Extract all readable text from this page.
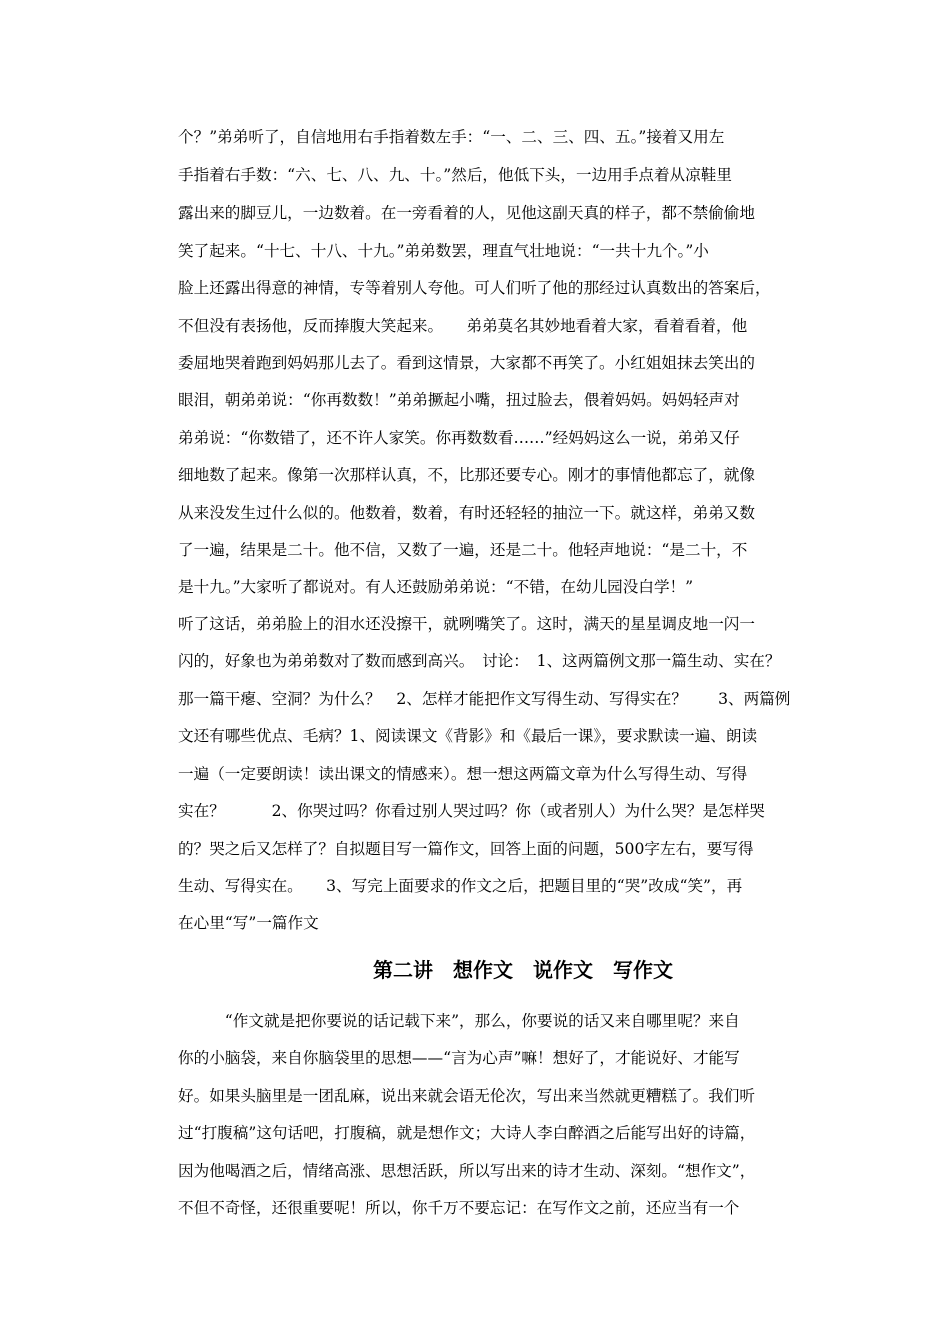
个？”弟弟听了，自信地用右手指着数左手：“一、二、三、四、五。”接着又用左
手指着右手数：“六、七、八、九、十。”然后，他低下头，一边用手点着从凉鞋里
露出来的脚豆儿，一边数着。在一旁看着的人，见他这副天真的样子，都不禁偷偷地
笑了起来。“十七、十八、十九。”弟弟数罢，理直气壮地说：“一共十九个。”小
脸上还露出得意的神情，专等着别人夸他。可人们听了他的那经过认真数出的答案后，
不但没有表扬他，反而捧腹大笑起来。　　弟弟莫名其妙地看着大家，看着看着，他
委屈地哭着跑到妈妈那儿去了。看到这情景，大家都不再笑了。小红姐姐抹去笑出的
眼泪，朝弟弟说：“你再数数！”弟弟撅起小嘴，扭过脸去，偎着妈妈。妈妈轻声对
弟弟说：“你数错了，还不许人家笑。你再数数看……”经妈妈这么一说，弟弟又仔
细地数了起来。像第一次那样认真，不，比那还要专心。刚才的事情他都忘了，就像
从来没发生过什么似的。他数着，数着，有时还轻轻的抽泣一下。就这样，弟弟又数
了一遍，结果是二十。他不信，又数了一遍，还是二十。他轻声地说：“是二十，不
是十九。”大家听了都说对。有人还鼓励弟弟说：“不错，在幼儿园没白学！”
听了这话，弟弟脸上的泪水还没擦干，就咧嘴笑了。这时，满天的星星调皮地一闪一
闪的，好象也为弟弟数对了数而感到高兴。　讨论：　1、这两篇例文那一篇生动、实在？
那一篇干瘪、空洞？为什么？　2、怎样才能把作文写得生动、写得实在？　　3、两篇例
文还有哪些优点、毛病？1、阅读课文《背影》和《最后一课》，要求默读一遍、朗读
一遍（一定要朗读！读出课文的情感来）。想一想这两篇文章为什么写得生动、写得
实在？　　　2、你哭过吗？你看过别人哭过吗？你（或者别人）为什么哭？是怎样哭
的？哭之后又怎样了？自拟题目写一篇作文，回答上面的问题，500字左右，要写得
生动、写得实在。　　3、写完上面要求的作文之后，把题目里的“哭”改成“笑”，再
在心里“写”一篇作文
第二讲　想作文　说作文　写作文
　　　“作文就是把你要说的话记载下来”，那么，你要说的话又来自哪里呢？来自
你的小脑袋，来自你脑袋里的思想——“言为心声”嘛！想好了，才能说好、才能写
好。如果头脑里是一团乱麻，说出来就会语无伦次，写出来当然就更糟糕了。我们听
过“打腹稿”这句话吧，打腹稿，就是想作文；大诗人李白醉酒之后能写出好的诗篇，
因为他喝酒之后，情绪高涨、思想活跃，所以写出来的诗才生动、深刻。“想作文”，
不但不奇怪，还很重要呢！所以，你千万不要忘记：在写作文之前，还应当有一个
